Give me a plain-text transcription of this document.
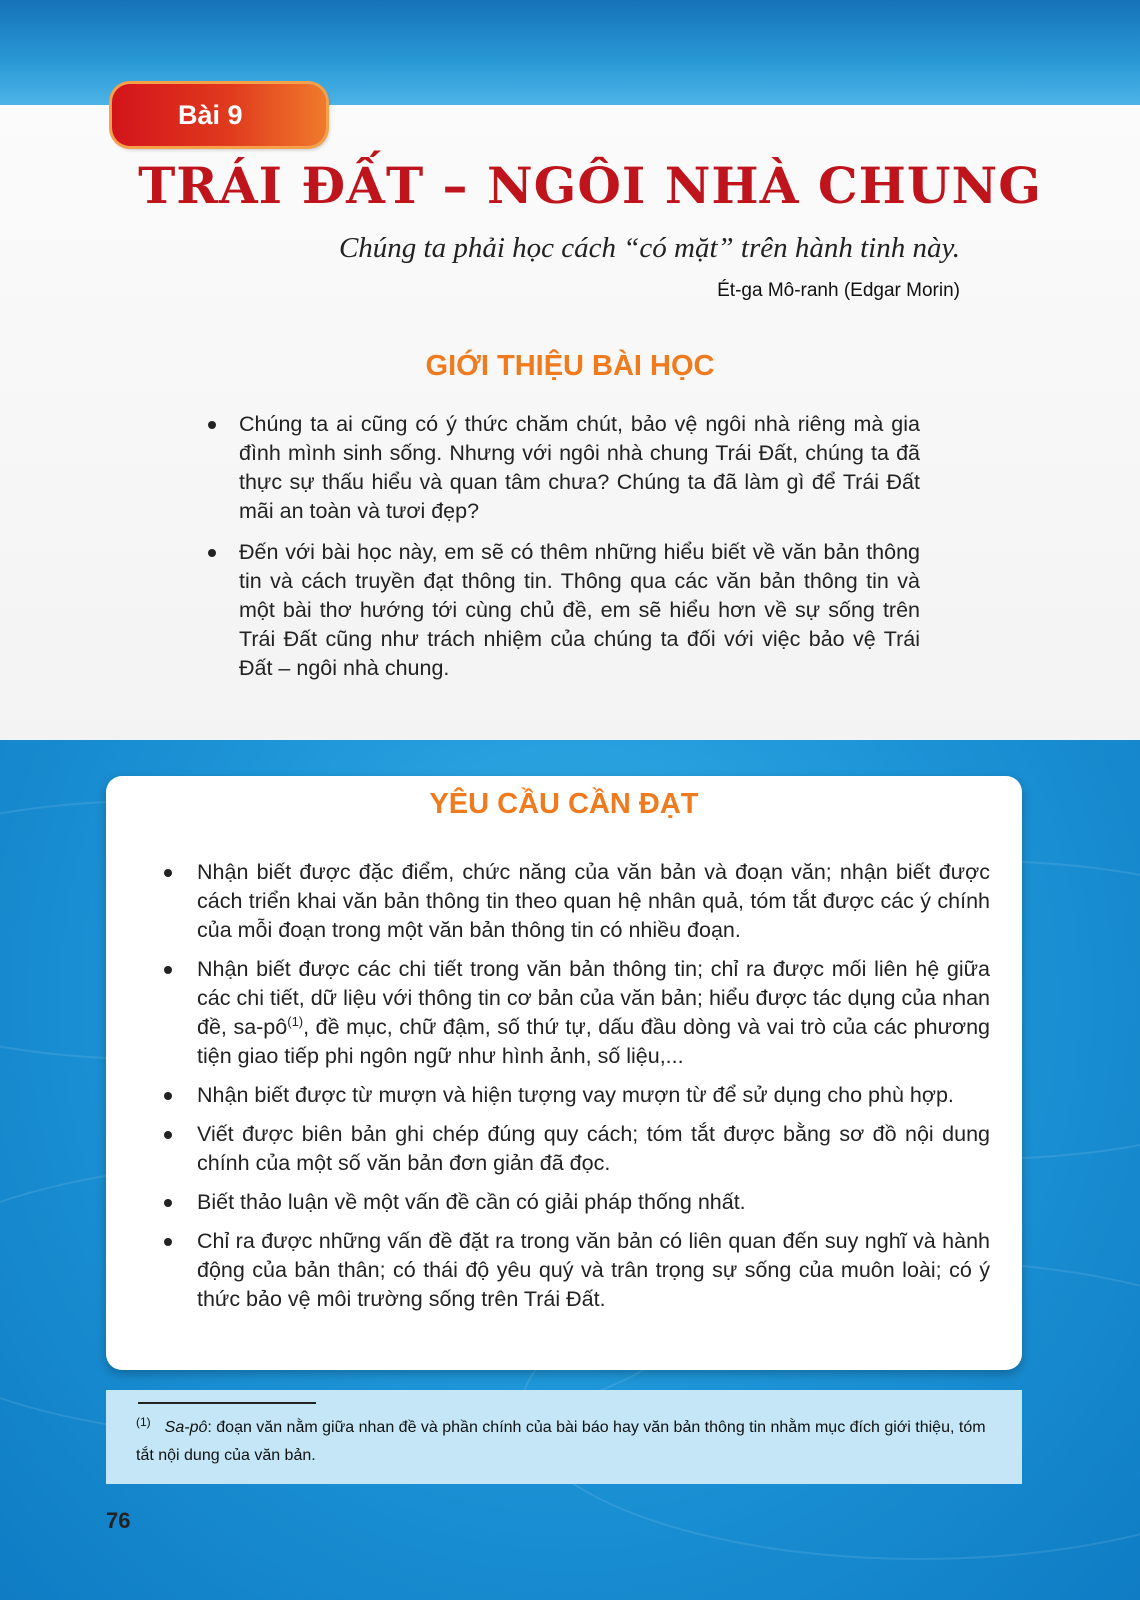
Bài 9
TRÁI ĐẤT – NGÔI NHÀ CHUNG
Chúng ta phải học cách “có mặt” trên hành tinh này.
Ét-ga Mô-ranh (Edgar Morin)
GIỚI THIỆU BÀI HỌC
Chúng ta ai cũng có ý thức chăm chút, bảo vệ ngôi nhà riêng mà gia đình mình sinh sống. Nhưng với ngôi nhà chung Trái Đất, chúng ta đã thực sự thấu hiểu và quan tâm chưa? Chúng ta đã làm gì để Trái Đất mãi an toàn và tươi đẹp?
Đến với bài học này, em sẽ có thêm những hiểu biết về văn bản thông tin và cách truyền đạt thông tin. Thông qua các văn bản thông tin và một bài thơ hướng tới cùng chủ đề, em sẽ hiểu hơn về sự sống trên Trái Đất cũng như trách nhiệm của chúng ta đối với việc bảo vệ Trái Đất – ngôi nhà chung.
YÊU CẦU CẦN ĐẠT
Nhận biết được đặc điểm, chức năng của văn bản và đoạn văn; nhận biết được cách triển khai văn bản thông tin theo quan hệ nhân quả, tóm tắt được các ý chính của mỗi đoạn trong một văn bản thông tin có nhiều đoạn.
Nhận biết được các chi tiết trong văn bản thông tin; chỉ ra được mối liên hệ giữa các chi tiết, dữ liệu với thông tin cơ bản của văn bản; hiểu được tác dụng của nhan đề, $sa-pô^{(1)}$, đề mục, chữ đậm, số thứ tự, dấu đầu dòng và vai trò của các phương tiện giao tiếp phi ngôn ngữ như hình ảnh, số liệu,...
Nhận biết được từ mượn và hiện tượng vay mượn từ để sử dụng cho phù hợp.
Viết được biên bản ghi chép đúng quy cách; tóm tắt được bằng sơ đồ nội dung chính của một số văn bản đơn giản đã đọc.
Biết thảo luận về một vấn đề cần có giải pháp thống nhất.
Chỉ ra được những vấn đề đặt ra trong văn bản có liên quan đến suy nghĩ và hành động của bản thân; có thái độ yêu quý và trân trọng sự sống của muôn loài; có ý thức bảo vệ môi trường sống trên Trái Đất.
$^{(1)}$ Sa-pô: đoạn văn nằm giữa nhan đề và phần chính của bài báo hay văn bản thông tin nhằm mục đích giới thiệu, tóm tắt nội dung của văn bản.
76
